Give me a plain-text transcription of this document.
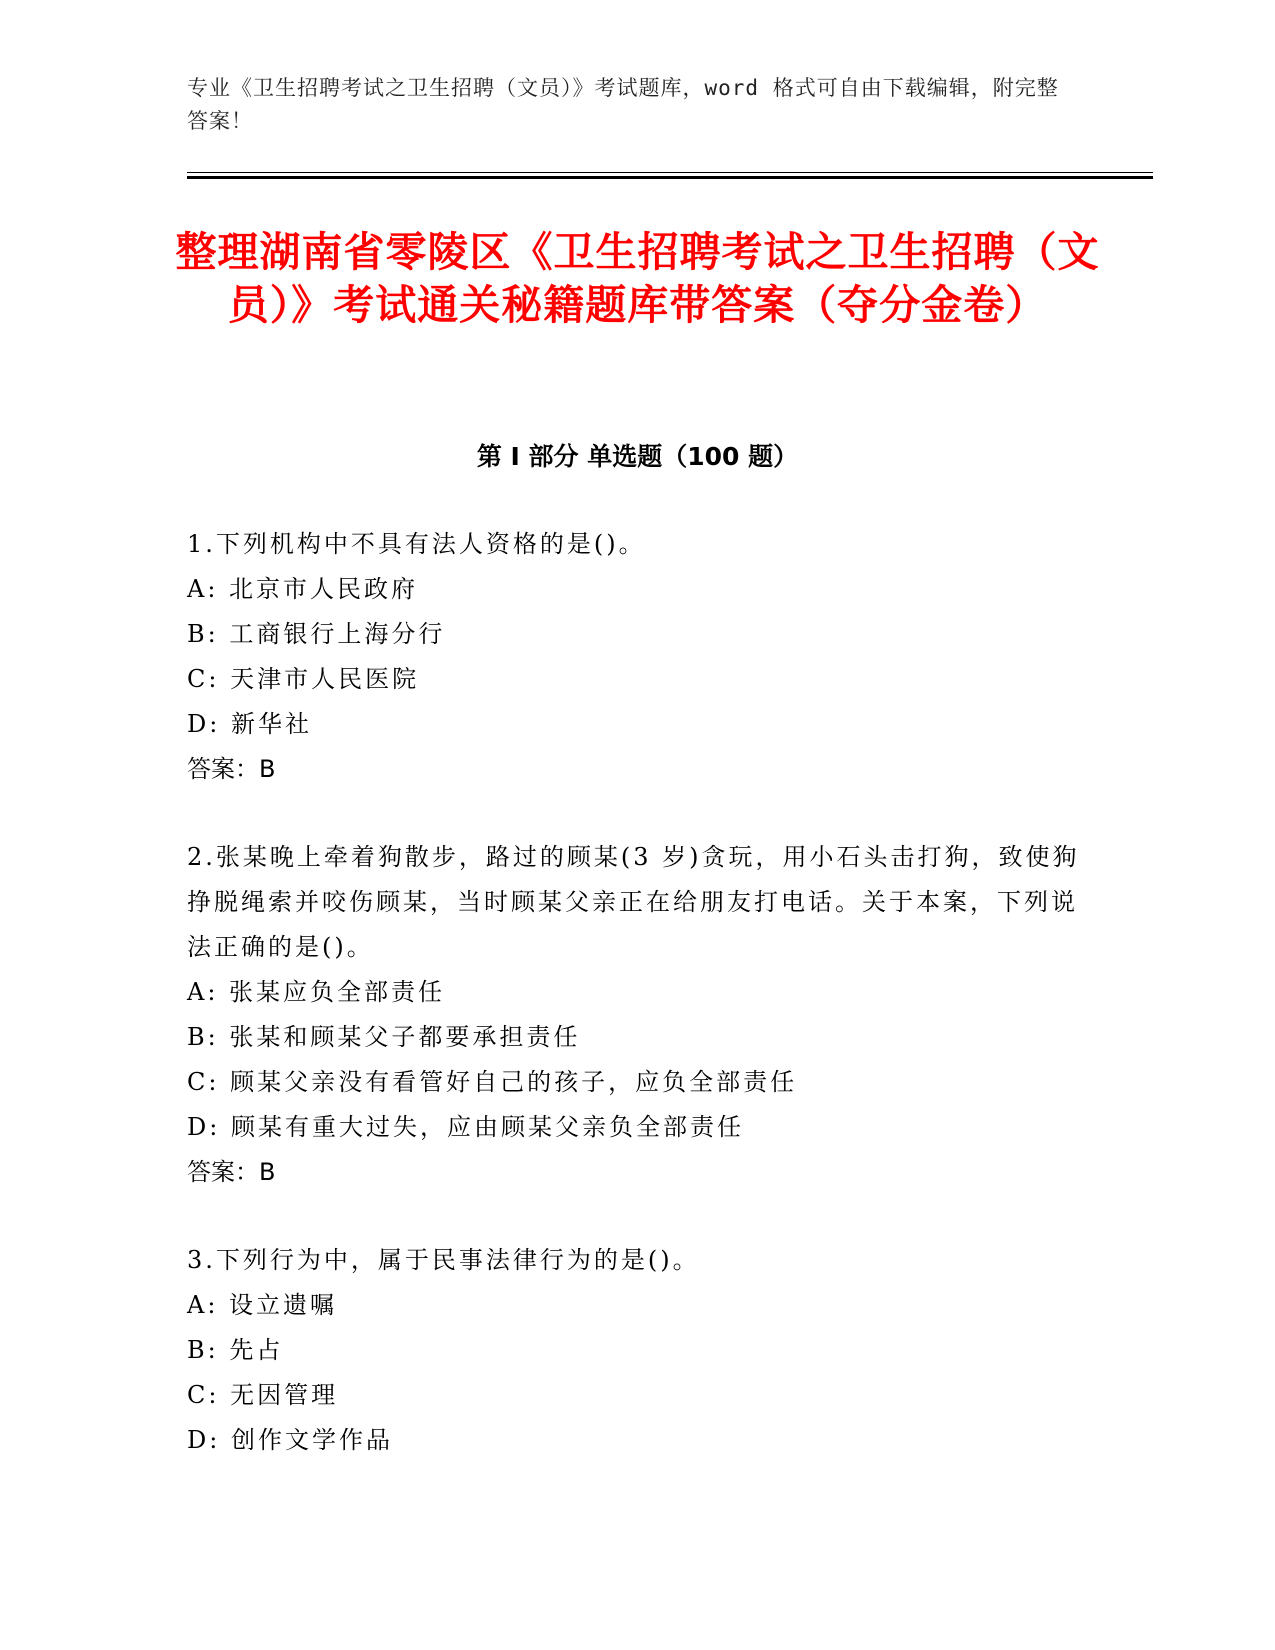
专业《卫生招聘考试之卫生招聘（文员）》考试题库，word 格式可自由下载编辑，附完整答案！
整理湖南省零陵区《卫生招聘考试之卫生招聘（文员）》考试通关秘籍题库带答案（夺分金卷）
第 I 部分 单选题（100 题）
1.下列机构中不具有法人资格的是()。
A: 北京市人民政府
B: 工商银行上海分行
C: 天津市人民医院
D: 新华社
答案：B
2.张某晚上牵着狗散步，路过的顾某(3 岁)贪玩，用小石头击打狗，致使狗挣脱绳索并咬伤顾某，当时顾某父亲正在给朋友打电话。关于本案，下列说法正确的是()。
A: 张某应负全部责任
B: 张某和顾某父子都要承担责任
C: 顾某父亲没有看管好自己的孩子，应负全部责任
D: 顾某有重大过失，应由顾某父亲负全部责任
答案：B
3.下列行为中，属于民事法律行为的是()。
A: 设立遗嘱
B: 先占
C: 无因管理
D: 创作文学作品
